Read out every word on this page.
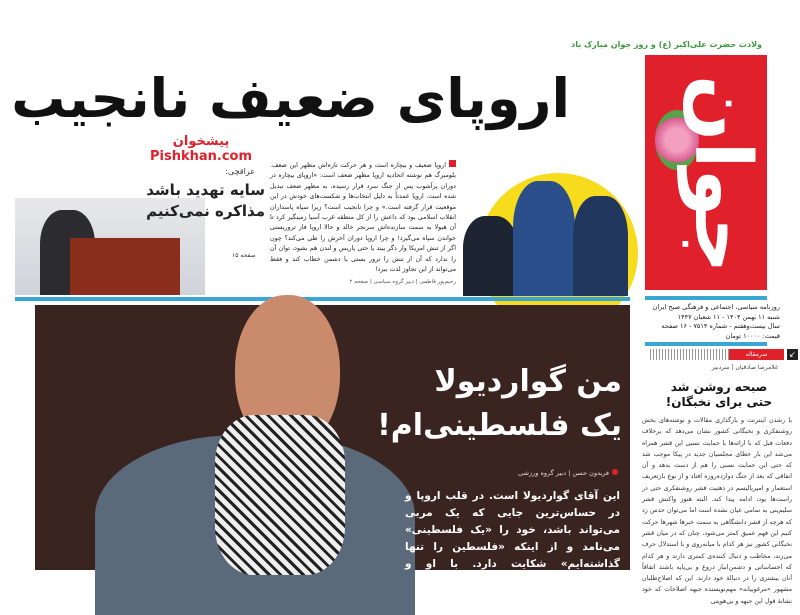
ولادت حضرت علی‌اکبر (ع) و روز جوان مبارک باد
جوان
روزنامه سیاسی، اجتماعی و فرهنگی صبح ایران
شنبه ۱۱ بهمن ۱۴۰۴ - ۱۱ شعبان ۱۴۴۷
سال بیست‌وهفتم - شماره ۷۵۱۴ - ۱۶ صفحه
قیمت: ۱۰۰۰۰ تومان
↙
سرمقاله
غلامرضا صادقیان | سردبیر
صبحه روشن شد
حتی برای نخبگان!
با رشدن اینترنت و بارگذاری مقالات و نوشته‌های بخش روشنفکری و نخبگانی کشور نشان می‌دهد که برخلاف دفعات قبل که با ارائه‌ها با حمایت نسبی این قشر همراه می‌شد این بار خطای مجلسیان جدید در پیکا موجب شد که حتی این حمایت نسبی را هم از دست بدهد و آن اتفاقی که بعد از جنگ دوازده‌روزه افتاد و از نوع بازتعریف استعمار و امپریالیسم در ذهنیت قشر روشنفکری حتی در راست‌ها بود، ادامه پیدا کند. البته هنوز واکنش قشر سلیم‌پنی به تمامی عیان نشده است اما می‌توان حدس زد که هرچه از قشر دانشگاهی به سمت خبرها شهرها حرکت کنیم این فهم عمیق کمتر می‌شود، چنان که در میان قشر نخبگانی کشور نیز هر کدام با میانه‌روی و با استدلال حرف می‌زند، مخاطب و دنبال کننده‌ی کمتری دارند و هر کدام که احساساتی و دشمن‌انبار دروغ و بی‌پایه باشند اتفاقاً آنان بیشتری را در دنبالهٔ خود دارند. این که اصلاح‌طلبان مشهور «مرغوبیانه» مهم‌نویسنده جبهه اصلاحات که خود نشانهٔ قول این جبهه و بی‌هویتی
اروپای ضعیف نانجیب
اروپا ضعیف و بیچاره است و هر حرکت تازه‌اش مظهر این ضعف. بلومبرگ هم نوشته اتحادیه اروپا مظهر ضعف است: «اروپای بیچاره در دوران پرآشوب پس از جنگ سرد قرار رسیده، به مظهر ضعف تبدیل شده است. اروپا عمدتاً به دلیل انتخاب‌ها و شکست‌های خودش در این موقعیت قرار گرفته است.» و چرا نانجیب است؟ زیرا سپاه پاسداران انقلاب اسلامی بود که داعش را از کل منطقه غرب آسیا زمینگیر کرد تا آن هیولا به سمت سازنده‌اش سرنجر خالد و حالا اروپا فاز تروریستی خواندن سپاه می‌گیرد! و چرا اروپا دوران آخرش را طی می‌کند؟ چون اگر از تنش امریکا وار دگر بیند یا حتی پاریس و لندن هم بشود، توان آن را ندارد که آن از تنش را ترور بستی یا دشمن خطاب کند و فقط می‌تواند از این تجاوز لذت ببرد!
رحیم‌پور فاطمی | دبیر گروه سیاسی | صفحه ۲
پیشخوان
Pishkhan.com
عراقچی:
سایه تهدید باشد مذاکره نمی‌کنیم
صفحه ۱۵
من گواردیولا
یک فلسطینی‌ام!
فریدون حسن | دبیر گروه ورزشی
این آقای گواردیولا است. در قلب اروپا و در حساس‌ترین جایی که یک مربی می‌تواند باشد، خود را «یک فلسطینی» می‌نامد و از اینکه «فلسطین را تنها گذاشته‌ایم» شکایت دارد. با او و مقایسه‌اش با برخی فوتبالیست‌ها و
